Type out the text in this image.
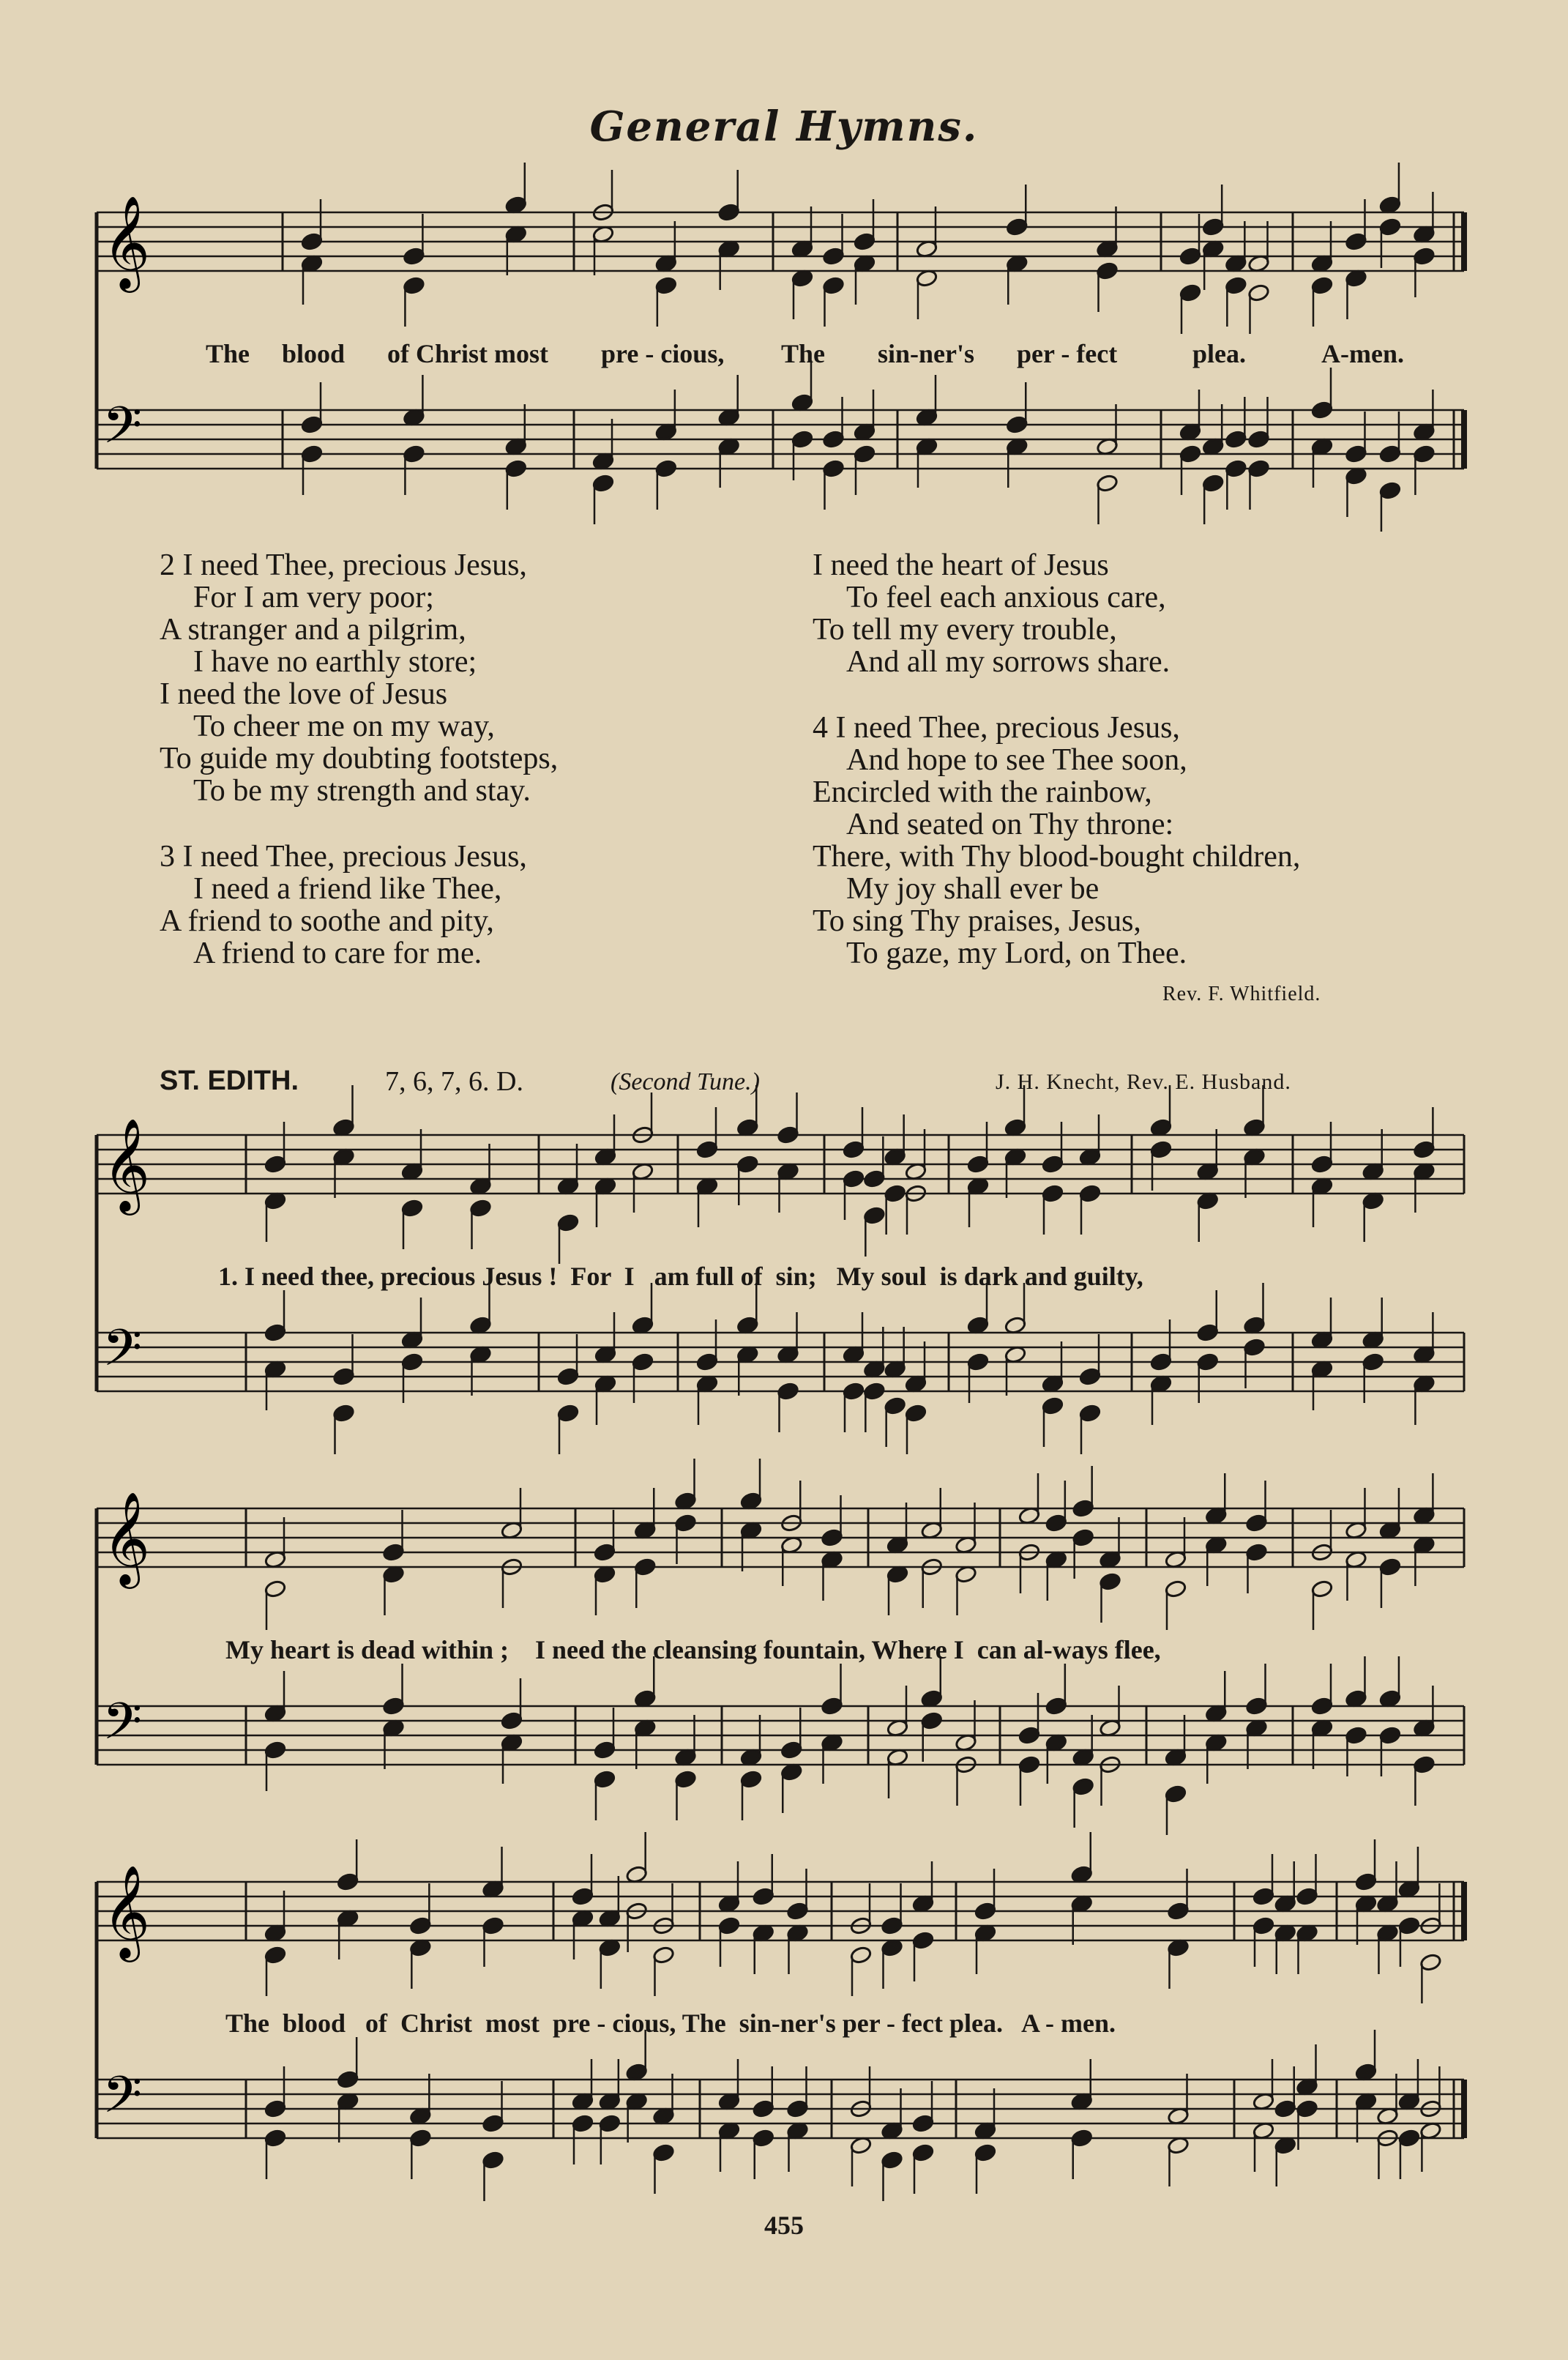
General Hymns.
𝄞
𝄢
The blood of Christ most pre - cious, The sin-ner's per - fect	plea.	A-men.
2 I need Thee, precious Jesus,
For I am very poor;
A stranger and a pilgrim,
I have no earthly store;
I need the love of Jesus
To cheer me on my way,
To guide my doubting footsteps,
To be my strength and stay.
3 I need Thee, precious Jesus,
I need a friend like Thee,
A friend to soothe and pity,
A friend to care for me.
I need the heart of Jesus
To feel each anxious care,
To tell my every trouble,
And all my sorrows share.
4 I need Thee, precious Jesus,
And hope to see Thee soon,
Encircled with the rainbow,
And seated on Thy throne:
There, with Thy blood-bought children,
My joy shall ever be
To sing Thy praises, Jesus,
To gaze, my Lord, on Thee.
Rev. F. Whitfield.
ST. EDITH.	7, 6, 7, 6. D.	(Second Tune.)	J. H. Knecht, Rev. E. Husband.
𝄞
𝄢
1. I need thee, precious Jesus !  For  I   am full of  sin;   My soul  is dark and guilty,
𝄞
𝄢
My heart is dead within ;    I need the cleansing fountain, Where I  can al-ways flee,
𝄞
𝄢
The  blood   of  Christ  most  pre - cious, The  sin-ner's per - fect plea.   A - men.
455
